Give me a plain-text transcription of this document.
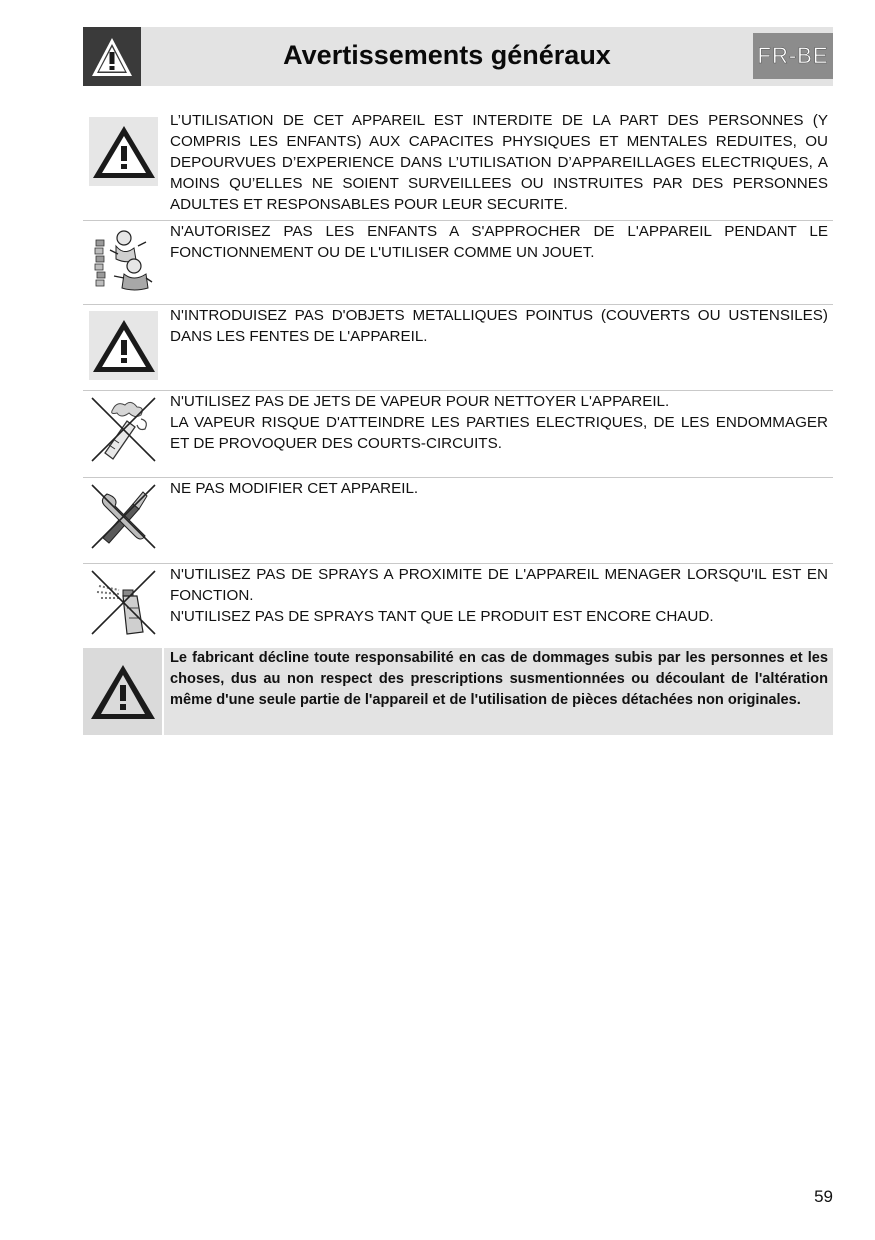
Avertissements généraux	FR-BE
L’UTILISATION DE CET APPAREIL EST INTERDITE DE LA PART DES PERSONNES (Y COMPRIS LES ENFANTS) AUX CAPACITES PHYSIQUES ET MENTALES REDUITES, OU DEPOURVUES D’EXPERIENCE DANS L’UTILISATION D’APPAREILLAGES ELECTRIQUES, A MOINS QU’ELLES NE SOIENT SURVEILLEES OU INSTRUITES PAR DES PERSONNES ADULTES ET RESPONSABLES POUR LEUR SECURITE.
N'AUTORISEZ PAS LES ENFANTS A S'APPROCHER DE L'APPAREIL PENDANT LE FONCTIONNEMENT OU DE L'UTILISER COMME UN JOUET.
N'INTRODUISEZ PAS D'OBJETS METALLIQUES POINTUS (COUVERTS OU USTENSILES) DANS LES FENTES DE L'APPAREIL.
N'UTILISEZ PAS DE JETS DE VAPEUR POUR NETTOYER L'APPAREIL.
LA VAPEUR RISQUE D'ATTEINDRE LES PARTIES ELECTRIQUES, DE LES ENDOMMAGER ET DE PROVOQUER DES COURTS-CIRCUITS.
NE PAS MODIFIER CET APPAREIL.
N'UTILISEZ PAS DE SPRAYS A PROXIMITE DE L'APPAREIL MENAGER LORSQU'IL EST EN FONCTION.
N'UTILISEZ PAS DE SPRAYS TANT QUE LE PRODUIT EST ENCORE CHAUD.
Le fabricant décline toute responsabilité en cas de dommages subis par les personnes et les choses, dus au non respect des prescriptions susmentionnées ou découlant de l'altération même d'une seule partie de l'appareil et de l'utilisation de pièces détachées non originales.
59
